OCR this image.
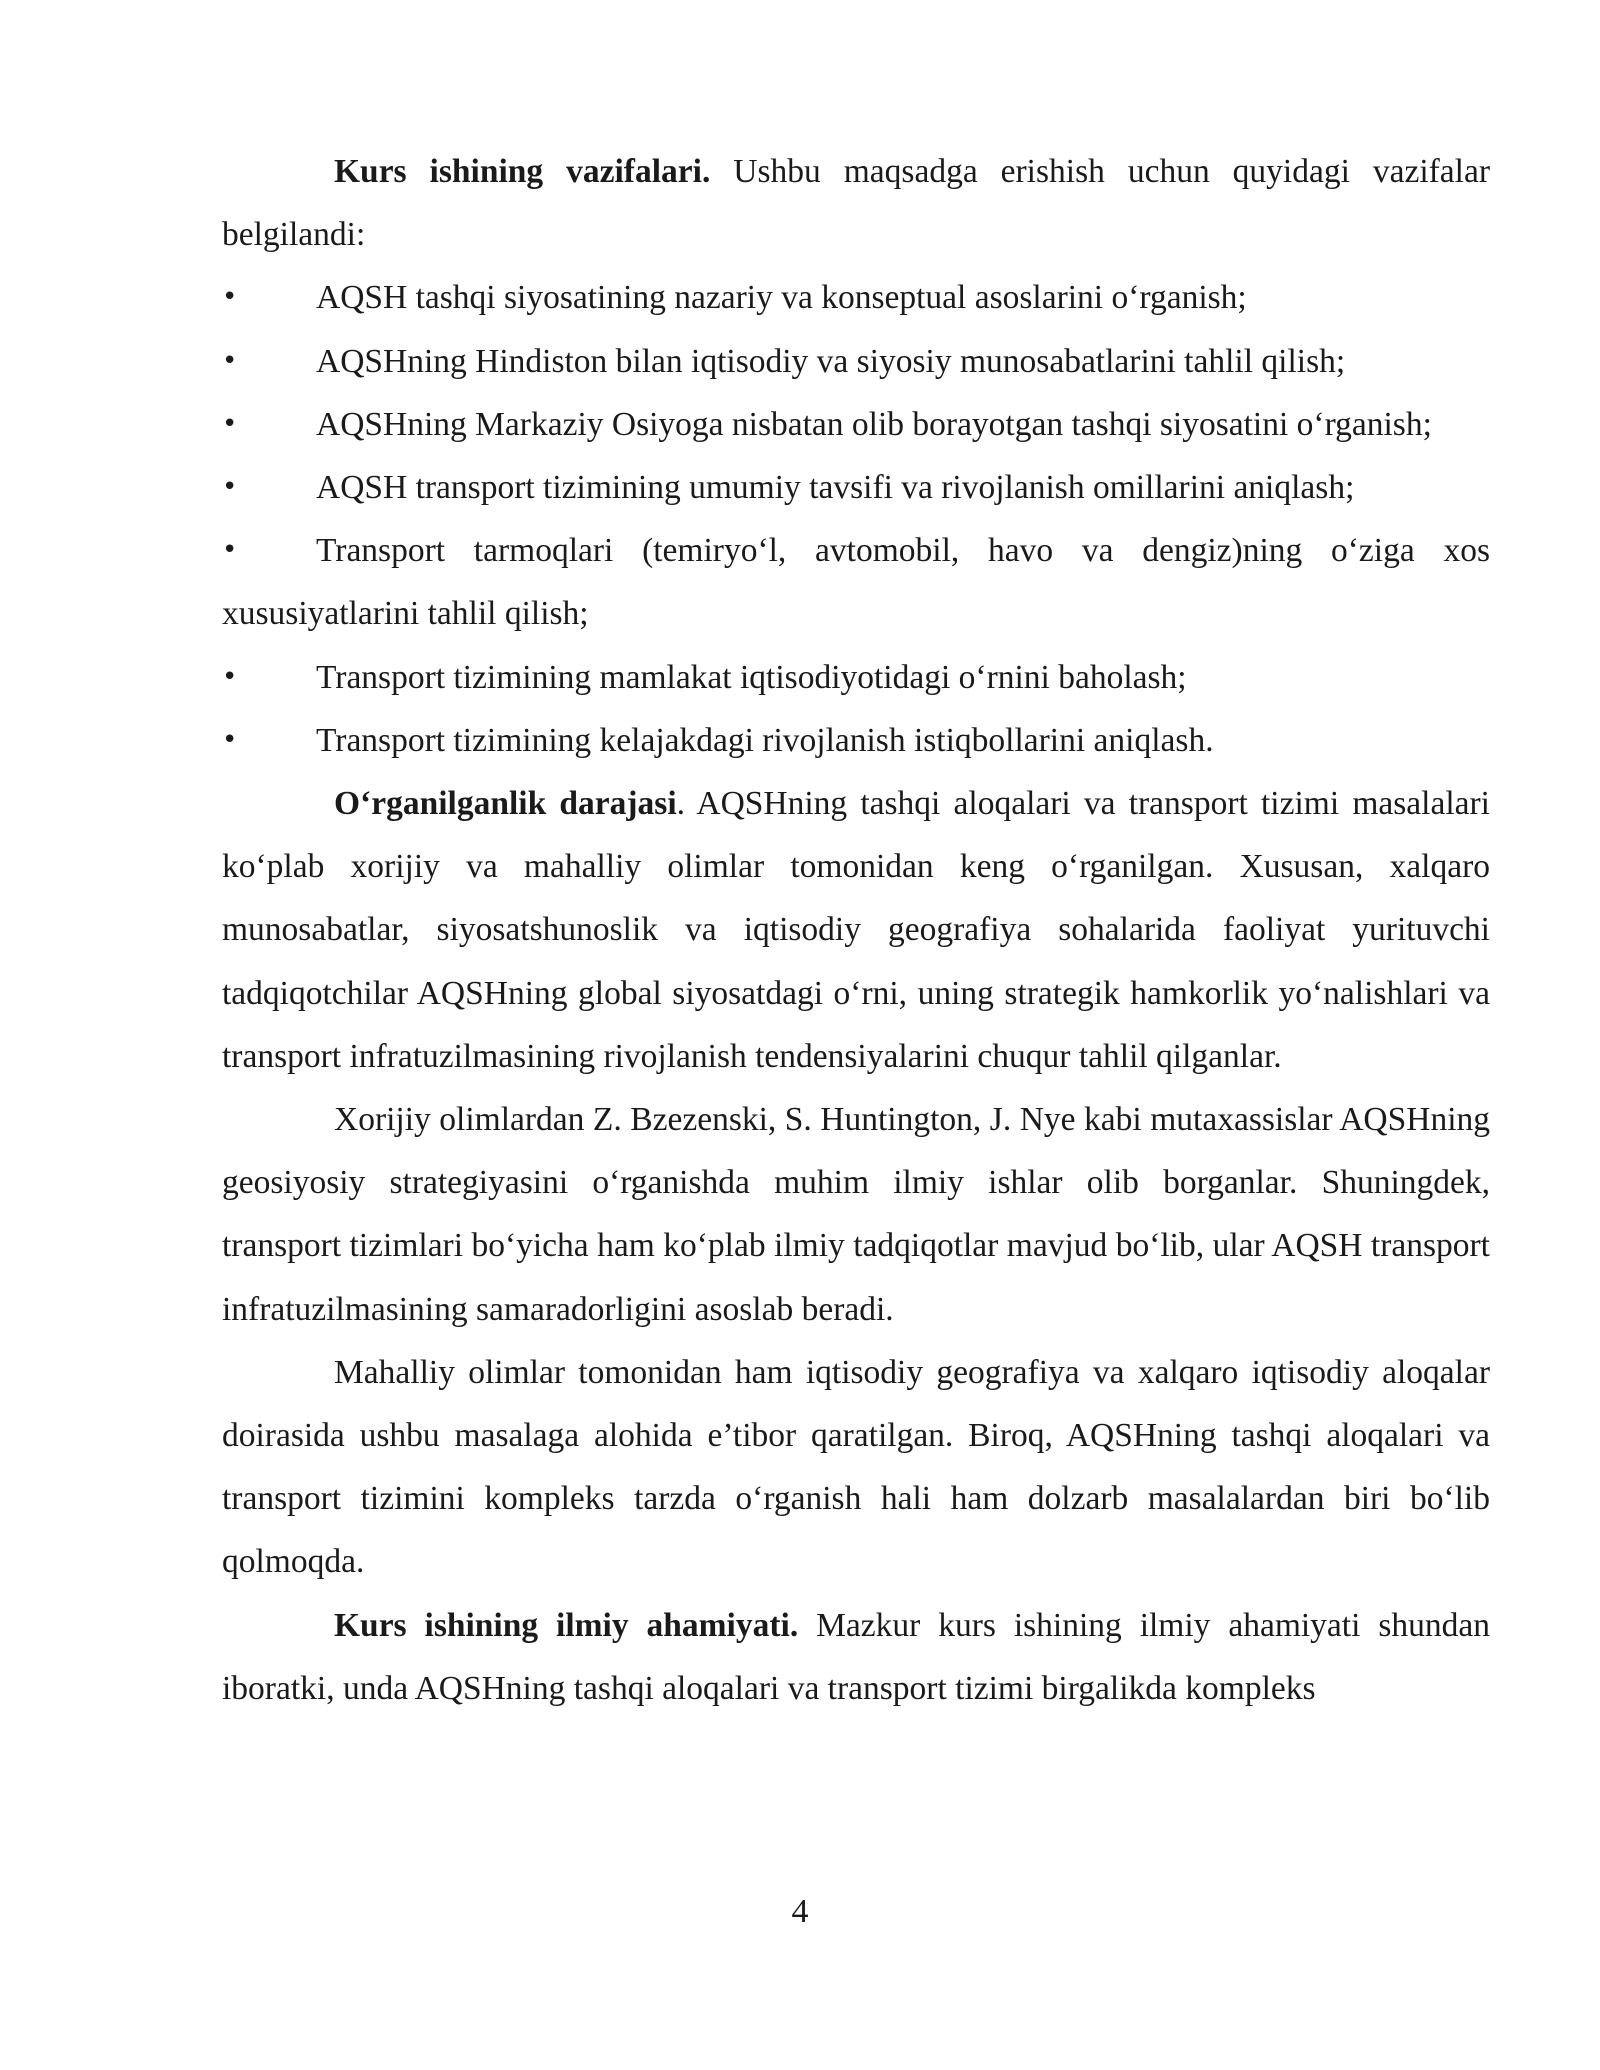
Kurs ishining vazifalari. Ushbu maqsadga erishish uchun quyidagi vazifalar belgilandi:

• AQSH tashqi siyosatining nazariy va konseptual asoslarini o‘rganish;
• AQSHning Hindiston bilan iqtisodiy va siyosiy munosabatlarini tahlil qilish;
• AQSHning Markaziy Osiyoga nisbatan olib borayotgan tashqi siyosatini o‘rganish;
• AQSH transport tizimining umumiy tavsifi va rivojlanish omillarini aniqlash;
• Transport tarmoqlari (temiryo‘l, avtomobil, havo va dengiz)ning o‘ziga xos xususiyatlarini tahlil qilish;
• Transport tizimining mamlakat iqtisodiyotidagi o‘rnini baholash;
• Transport tizimining kelajakdagi rivojlanish istiqbollarini aniqlash.

O‘rganilganlik darajasi. AQSHning tashqi aloqalari va transport tizimi masalalari ko‘plab xorijiy va mahalliy olimlar tomonidan keng o‘rganilgan. Xususan, xalqaro munosabatlar, siyosatshunoslik va iqtisodiy geografiya sohalarida faoliyat yurituvchi tadqiqotchilar AQSHning global siyosatdagi o‘rni, uning strategik hamkorlik yo‘nalishlari va transport infratuzilmasining rivojlanish tendensiyalarini chuqur tahlil qilganlar.

Xorijiy olimlardan Z. Bzezenski, S. Huntington, J. Nye kabi mutaxassislar AQSHning geosiyosiy strategiyasini o‘rganishda muhim ilmiy ishlar olib borganlar. Shuningdek, transport tizimlari bo‘yicha ham ko‘plab ilmiy tadqiqotlar mavjud bo‘lib, ular AQSH transport infratuzilmasining samaradorligini asoslab beradi.

Mahalliy olimlar tomonidan ham iqtisodiy geografiya va xalqaro iqtisodiy aloqalar doirasida ushbu masalaga alohida e’tibor qaratilgan. Biroq, AQSHning tashqi aloqalari va transport tizimini kompleks tarzda o‘rganish hali ham dolzarb masalalardan biri bo‘lib qolmoqda.

Kurs ishining ilmiy ahamiyati. Mazkur kurs ishining ilmiy ahamiyati shundan iboratki, unda AQSHning tashqi aloqalari va transport tizimi birgalikda kompleks

4
